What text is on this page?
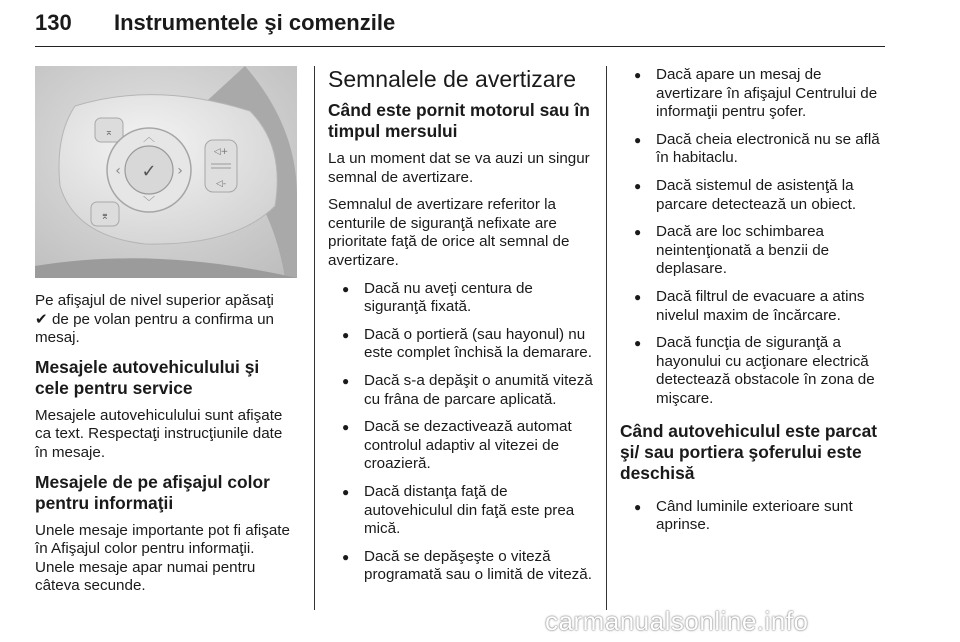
130 Instrumentele şi comenzile
⌅
⌆
✓
︿
﹀
‹	›
◁+
◁-

Pe afişajul de nivel superior apăsaţi
✔ de pe volan pentru a confirma un mesaj.

Mesajele autovehiculului şi cele pentru service

Mesajele autovehiculului sunt afişate ca text. Respectaţi instrucţiunile date în mesaje.

Mesajele de pe afişajul color pentru informaţii

Unele mesaje importante pot fi afişate în Afişajul color pentru informaţii. Unele mesaje apar numai pentru câteva secunde.

Semnalele de avertizare
Când este pornit motorul sau în timpul mersului

La un moment dat se va auzi un singur semnal de avertizare.

Semnalul de avertizare referitor la centurile de siguranţă nefixate are prioritate faţă de orice alt semnal de avertizare.

● Dacă nu aveţi centura de siguranţă fixată.
● Dacă o portieră (sau hayonul) nu este complet închisă la demarare.
● Dacă s-a depăşit o anumită viteză cu frâna de parcare aplicată.
● Dacă se dezactivează automat controlul adaptiv al vitezei de croazieră.
● Dacă distanţa faţă de autovehiculul din faţă este prea mică.
● Dacă se depăşeşte o viteză programată sau o limită de viteză.
● Dacă apare un mesaj de avertizare în afişajul Centrului de informaţii pentru şofer.
● Dacă cheia electronică nu se află în habitaclu.
● Dacă sistemul de asistenţă la parcare detectează un obiect.
● Dacă are loc schimbarea neintenţionată a benzii de deplasare.
● Dacă filtrul de evacuare a atins nivelul maxim de încărcare.
● Dacă funcţia de siguranţă a hayonului cu acţionare electrică detectează obstacole în zona de mişcare.
Când autovehiculul este parcat şi/ sau portiera şoferului este deschisă
● Când luminile exterioare sunt aprinse.
carmanualsonline.info
